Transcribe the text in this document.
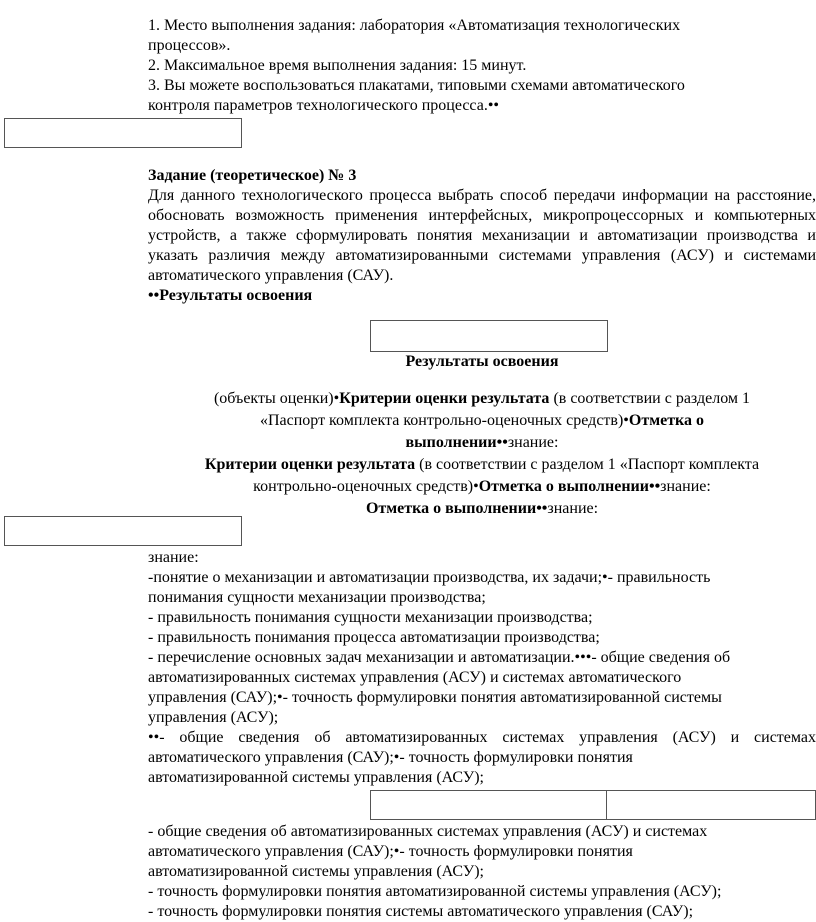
1. Место выполнения задания: лаборатория «Автоматизация технологических
процессов».
2. Максимальное время выполнения задания: 15 минут.
3. Вы можете воспользоваться плакатами, типовыми схемами автоматического
контроля параметров технологического процесса.••
Задание (теоретическое) № 3
Для данного технологического процесса выбрать способ передачи информации на расстояние, обосновать возможность применения интерфейсных, микропроцессорных и компьютерных устройств, а также сформулировать понятия механизации и автоматизации производства и указать различия между автоматизированными системами управления (АСУ) и системами автоматического управления (САУ).
••Результаты освоения
Результаты освоения
(объекты оценки)•Критерии оценки результата (в соответствии с разделом 1
«Паспорт комплекта контрольно-оценочных средств)•Отметка о
выполнении••знание:
Критерии оценки результата (в соответствии с разделом 1 «Паспорт комплекта
контрольно-оценочных средств)•Отметка о выполнении••знание:
Отметка о выполнении••знание:
знание:
-понятие о механизации и автоматизации производства, их задачи;•- правильность
понимания сущности механизации производства;
- правильность понимания сущности механизации производства;
- правильность понимания процесса автоматизации производства;
- перечисление основных задач механизации и автоматизации.•••- общие сведения об
автоматизированных системах управления (АСУ) и системах автоматического
управления (САУ);•- точность формулировки понятия автоматизированной системы
управления (АСУ);
••- общие сведения об автоматизированных системах управления (АСУ) и системах
автоматического управления (САУ);•- точность формулировки понятия
автоматизированной системы управления (АСУ);
- общие сведения об автоматизированных системах управления (АСУ) и системах
автоматического управления (САУ);•- точность формулировки понятия
автоматизированной системы управления (АСУ);
- точность формулировки понятия автоматизированной системы управления (АСУ);
- точность формулировки понятия системы автоматического управления (САУ);
